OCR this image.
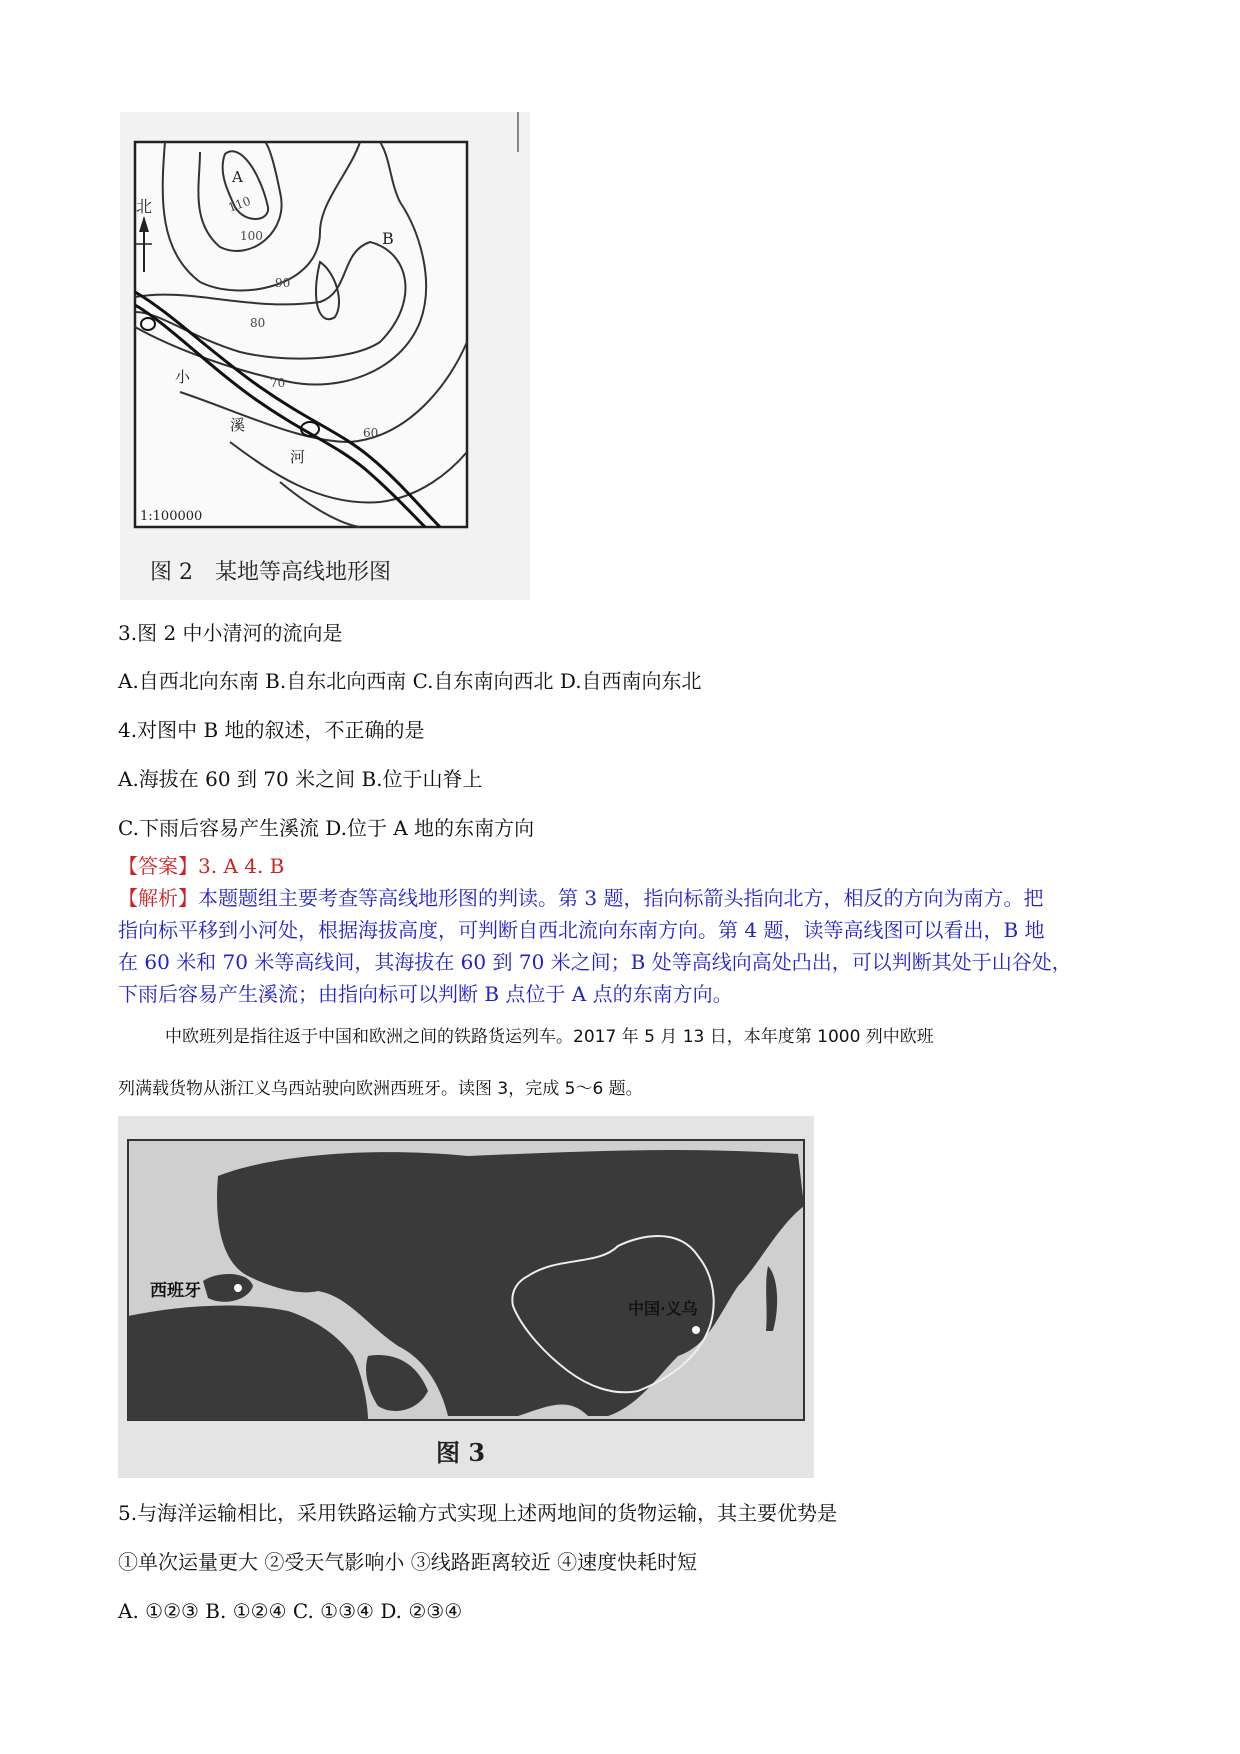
北
A
B
110
100
90
80
70
60
小
溪
河
1:100000
图 2　某地等高线地形图
3.图 2 中小清河的流向是
A.自西北向东南 B.自东北向西南 C.自东南向西北 D.自西南向东北
4.对图中 B 地的叙述，不正确的是
A.海拔在 60 到 70 米之间 B.位于山脊上
C.下雨后容易产生溪流 D.位于 A 地的东南方向
【答案】3. A 4. B
【解析】本题题组主要考查等高线地形图的判读。第 3 题，指向标箭头指向北方，相反的方向为南方。把
指向标平移到小河处，根据海拔高度，可判断自西北流向东南方向。第 4 题，读等高线图可以看出，B 地
在 60 米和 70 米等高线间，其海拔在 60 到 70 米之间；B 处等高线向高处凸出，可以判断其处于山谷处，
下雨后容易产生溪流；由指向标可以判断 B 点位于 A 点的东南方向。
中欧班列是指往返于中国和欧洲之间的铁路货运列车。2017 年 5 月 13 日，本年度第 1000 列中欧班
列满载货物从浙江义乌西站驶向欧洲西班牙。读图 3，完成 5～6 题。
西班牙
中国·义乌
图 3
5.与海洋运输相比，采用铁路运输方式实现上述两地间的货物运输，其主要优势是
①单次运量更大 ②受天气影响小 ③线路距离较近 ④速度快耗时短
A. ①②③ B. ①②④ C. ①③④ D. ②③④
